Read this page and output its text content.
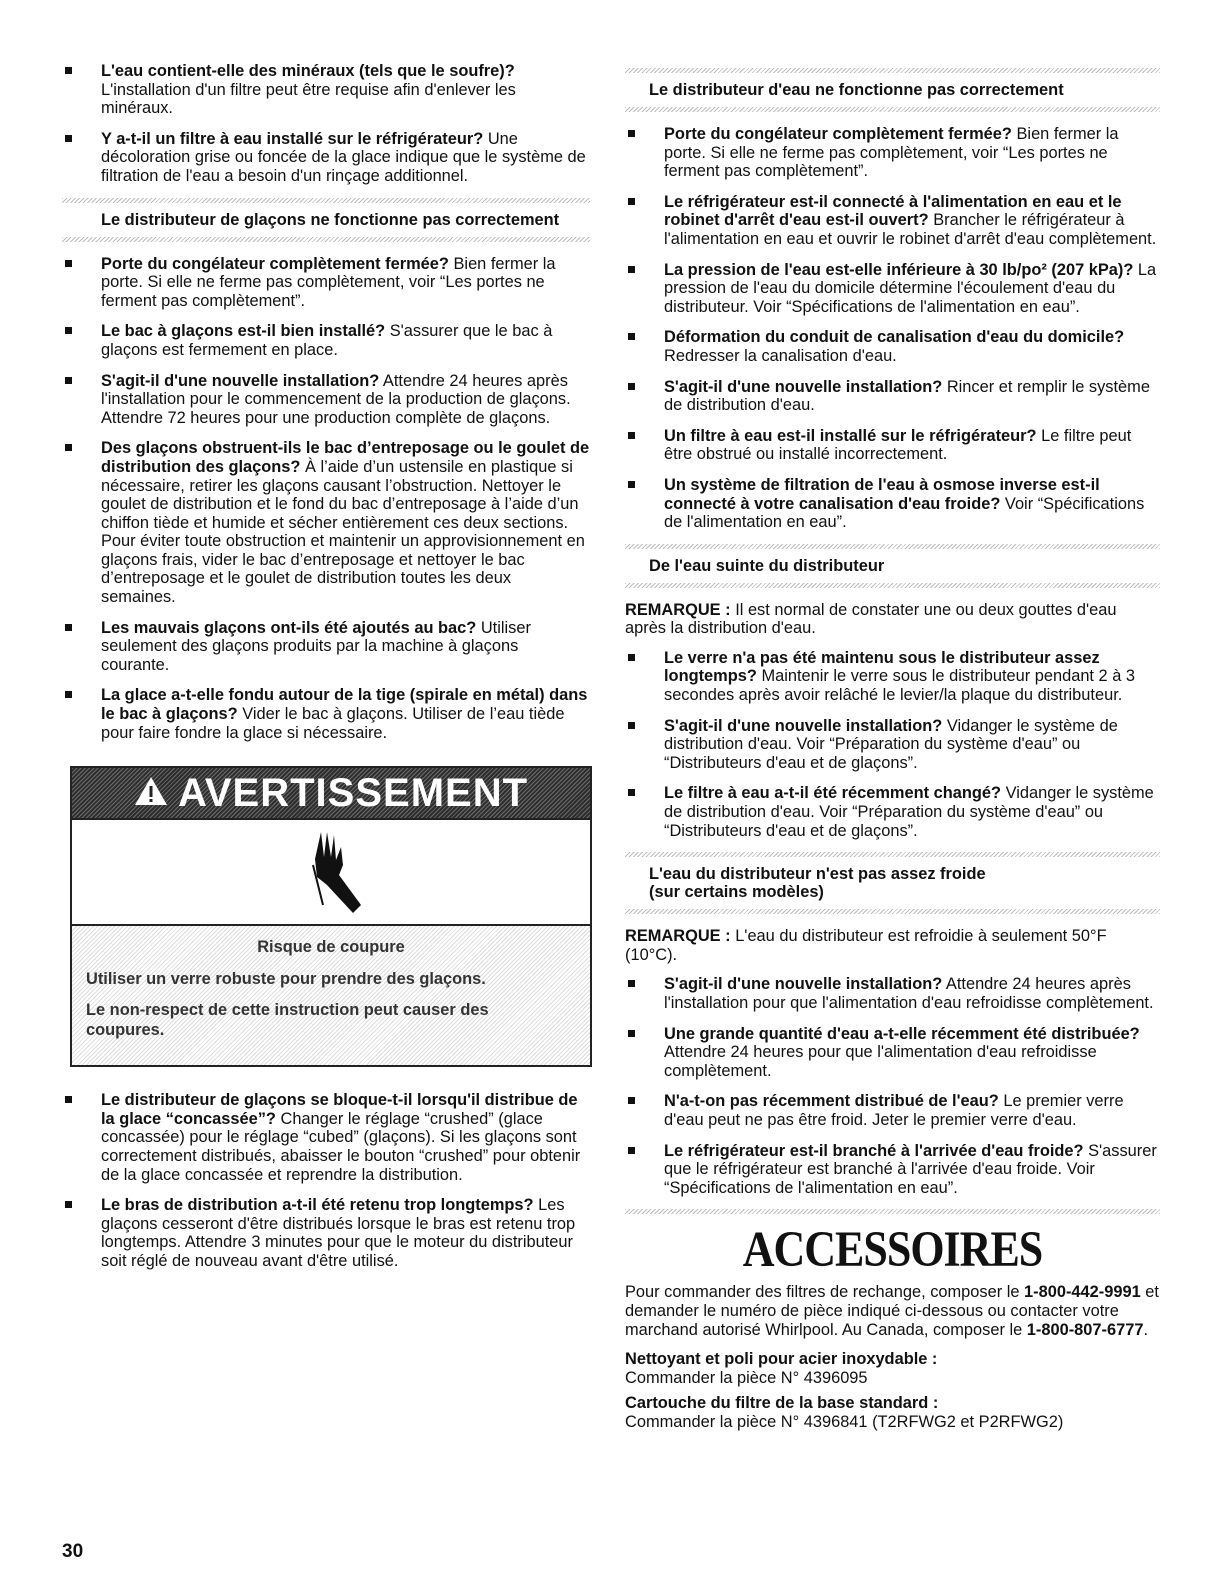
L'eau contient-elle des minéraux (tels que le soufre)? L'installation d'un filtre peut être requise afin d'enlever les minéraux.
Y a-t-il un filtre à eau installé sur le réfrigérateur? Une décoloration grise ou foncée de la glace indique que le système de filtration de l'eau a besoin d'un rinçage additionnel.
Le distributeur de glaçons ne fonctionne pas correctement
Porte du congélateur complètement fermée? Bien fermer la porte. Si elle ne ferme pas complètement, voir “Les portes ne ferment pas complètement”.
Le bac à glaçons est-il bien installé? S'assurer que le bac à glaçons est fermement en place.
S'agit-il d'une nouvelle installation? Attendre 24 heures après l'installation pour le commencement de la production de glaçons. Attendre 72 heures pour une production complète de glaçons.
Des glaçons obstruent-ils le bac d’entreposage ou le goulet de distribution des glaçons? À l’aide d’un ustensile en plastique si nécessaire, retirer les glaçons causant l’obstruction. Nettoyer le goulet de distribution et le fond du bac d’entreposage à l’aide d’un chiffon tiède et humide et sécher entièrement ces deux sections. Pour éviter toute obstruction et maintenir un approvisionnement en glaçons frais, vider le bac d’entreposage et nettoyer le bac d’entreposage et le goulet de distribution toutes les deux semaines.
Les mauvais glaçons ont-ils été ajoutés au bac? Utiliser seulement des glaçons produits par la machine à glaçons courante.
La glace a-t-elle fondu autour de la tige (spirale en métal) dans le bac à glaçons? Vider le bac à glaçons. Utiliser de l’eau tiède pour faire fondre la glace si nécessaire.
AVERTISSEMENT
Risque de coupure
Utiliser un verre robuste pour prendre des glaçons.
Le non-respect de cette instruction peut causer des coupures.
Le distributeur de glaçons se bloque-t-il lorsqu'il distribue de la glace “concassée”? Changer le réglage “crushed” (glace concassée) pour le réglage “cubed” (glaçons). Si les glaçons sont correctement distribués, abaisser le bouton “crushed” pour obtenir de la glace concassée et reprendre la distribution.
Le bras de distribution a-t-il été retenu trop longtemps? Les glaçons cesseront d'être distribués lorsque le bras est retenu trop longtemps. Attendre 3 minutes pour que le moteur du distributeur soit réglé de nouveau avant d'être utilisé.
Le distributeur d'eau ne fonctionne pas correctement
Porte du congélateur complètement fermée? Bien fermer la porte. Si elle ne ferme pas complètement, voir “Les portes ne ferment pas complètement”.
Le réfrigérateur est-il connecté à l'alimentation en eau et le robinet d'arrêt d'eau est-il ouvert? Brancher le réfrigérateur à l'alimentation en eau et ouvrir le robinet d'arrêt d'eau complètement.
La pression de l'eau est-elle inférieure à 30 lb/po² (207 kPa)? La pression de l'eau du domicile détermine l'écoulement d'eau du distributeur. Voir “Spécifications de l'alimentation en eau”.
Déformation du conduit de canalisation d'eau du domicile? Redresser la canalisation d'eau.
S'agit-il d'une nouvelle installation? Rincer et remplir le système de distribution d'eau.
Un filtre à eau est-il installé sur le réfrigérateur? Le filtre peut être obstrué ou installé incorrectement.
Un système de filtration de l'eau à osmose inverse est-il connecté à votre canalisation d'eau froide? Voir “Spécifications de l'alimentation en eau”.
De l'eau suinte du distributeur
REMARQUE : Il est normal de constater une ou deux gouttes d'eau après la distribution d'eau.
Le verre n'a pas été maintenu sous le distributeur assez longtemps? Maintenir le verre sous le distributeur pendant 2 à 3 secondes après avoir relâché le levier/la plaque du distributeur.
S'agit-il d'une nouvelle installation? Vidanger le système de distribution d'eau. Voir “Préparation du système d'eau” ou “Distributeurs d'eau et de glaçons”.
Le filtre à eau a-t-il été récemment changé? Vidanger le système de distribution d'eau. Voir “Préparation du système d'eau” ou “Distributeurs d'eau et de glaçons”.
L'eau du distributeur n'est pas assez froide
(sur certains modèles)
REMARQUE : L'eau du distributeur est refroidie à seulement 50°F (10°C).
S'agit-il d'une nouvelle installation? Attendre 24 heures après l'installation pour que l'alimentation d'eau refroidisse complètement.
Une grande quantité d'eau a-t-elle récemment été distribuée? Attendre 24 heures pour que l'alimentation d'eau refroidisse complètement.
N'a-t-on pas récemment distribué de l'eau? Le premier verre d'eau peut ne pas être froid. Jeter le premier verre d'eau.
Le réfrigérateur est-il branché à l'arrivée d'eau froide? S'assurer que le réfrigérateur est branché à l'arrivée d'eau froide. Voir “Spécifications de l'alimentation en eau”.
ACCESSOIRES
Pour commander des filtres de rechange, composer le 1-800-442-9991 et demander le numéro de pièce indiqué ci-dessous ou contacter votre marchand autorisé Whirlpool. Au Canada, composer le 1-800-807-6777.
Nettoyant et poli pour acier inoxydable :
Commander la pièce N° 4396095
Cartouche du filtre de la base standard :
Commander la pièce N° 4396841 (T2RFWG2 et P2RFWG2)
30
